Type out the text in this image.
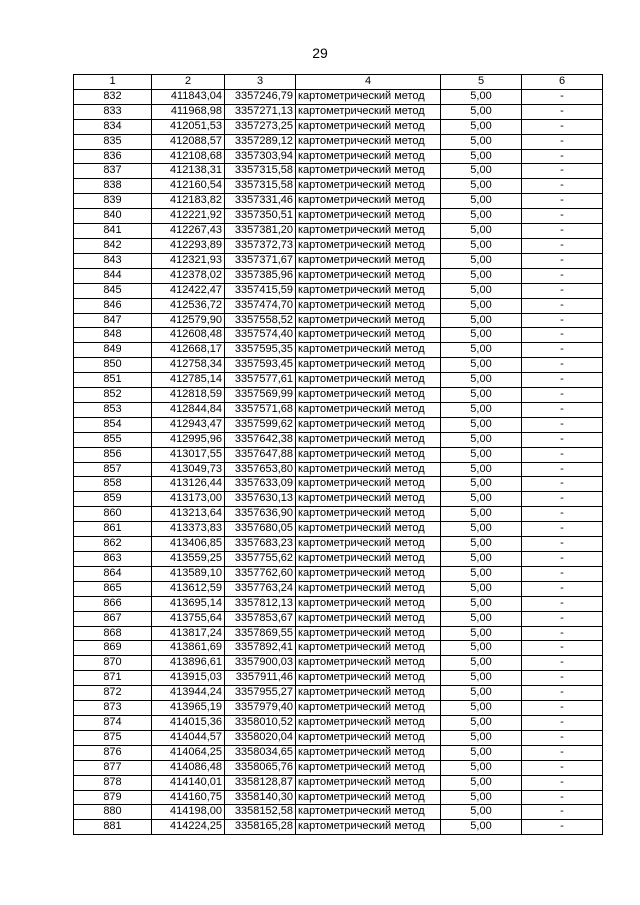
29
1	2	3	4	5	6
832	411843,04	3357246,79	картометрический метод	5,00	-
833	411968,98	3357271,13	картометрический метод	5,00	-
834	412051,53	3357273,25	картометрический метод	5,00	-
835	412088,57	3357289,12	картометрический метод	5,00	-
836	412108,68	3357303,94	картометрический метод	5,00	-
837	412138,31	3357315,58	картометрический метод	5,00	-
838	412160,54	3357315,58	картометрический метод	5,00	-
839	412183,82	3357331,46	картометрический метод	5,00	-
840	412221,92	3357350,51	картометрический метод	5,00	-
841	412267,43	3357381,20	картометрический метод	5,00	-
842	412293,89	3357372,73	картометрический метод	5,00	-
843	412321,93	3357371,67	картометрический метод	5,00	-
844	412378,02	3357385,96	картометрический метод	5,00	-
845	412422,47	3357415,59	картометрический метод	5,00	-
846	412536,72	3357474,70	картометрический метод	5,00	-
847	412579,90	3357558,52	картометрический метод	5,00	-
848	412608,48	3357574,40	картометрический метод	5,00	-
849	412668,17	3357595,35	картометрический метод	5,00	-
850	412758,34	3357593,45	картометрический метод	5,00	-
851	412785,14	3357577,61	картометрический метод	5,00	-
852	412818,59	3357569,99	картометрический метод	5,00	-
853	412844,84	3357571,68	картометрический метод	5,00	-
854	412943,47	3357599,62	картометрический метод	5,00	-
855	412995,96	3357642,38	картометрический метод	5,00	-
856	413017,55	3357647,88	картометрический метод	5,00	-
857	413049,73	3357653,80	картометрический метод	5,00	-
858	413126,44	3357633,09	картометрический метод	5,00	-
859	413173,00	3357630,13	картометрический метод	5,00	-
860	413213,64	3357636,90	картометрический метод	5,00	-
861	413373,83	3357680,05	картометрический метод	5,00	-
862	413406,85	3357683,23	картометрический метод	5,00	-
863	413559,25	3357755,62	картометрический метод	5,00	-
864	413589,10	3357762,60	картометрический метод	5,00	-
865	413612,59	3357763,24	картометрический метод	5,00	-
866	413695,14	3357812,13	картометрический метод	5,00	-
867	413755,64	3357853,67	картометрический метод	5,00	-
868	413817,24	3357869,55	картометрический метод	5,00	-
869	413861,69	3357892,41	картометрический метод	5,00	-
870	413896,61	3357900,03	картометрический метод	5,00	-
871	413915,03	3357911,46	картометрический метод	5,00	-
872	413944,24	3357955,27	картометрический метод	5,00	-
873	413965,19	3357979,40	картометрический метод	5,00	-
874	414015,36	3358010,52	картометрический метод	5,00	-
875	414044,57	3358020,04	картометрический метод	5,00	-
876	414064,25	3358034,65	картометрический метод	5,00	-
877	414086,48	3358065,76	картометрический метод	5,00	-
878	414140,01	3358128,87	картометрический метод	5,00	-
879	414160,75	3358140,30	картометрический метод	5,00	-
880	414198,00	3358152,58	картометрический метод	5,00	-
881	414224,25	3358165,28	картометрический метод	5,00	-
